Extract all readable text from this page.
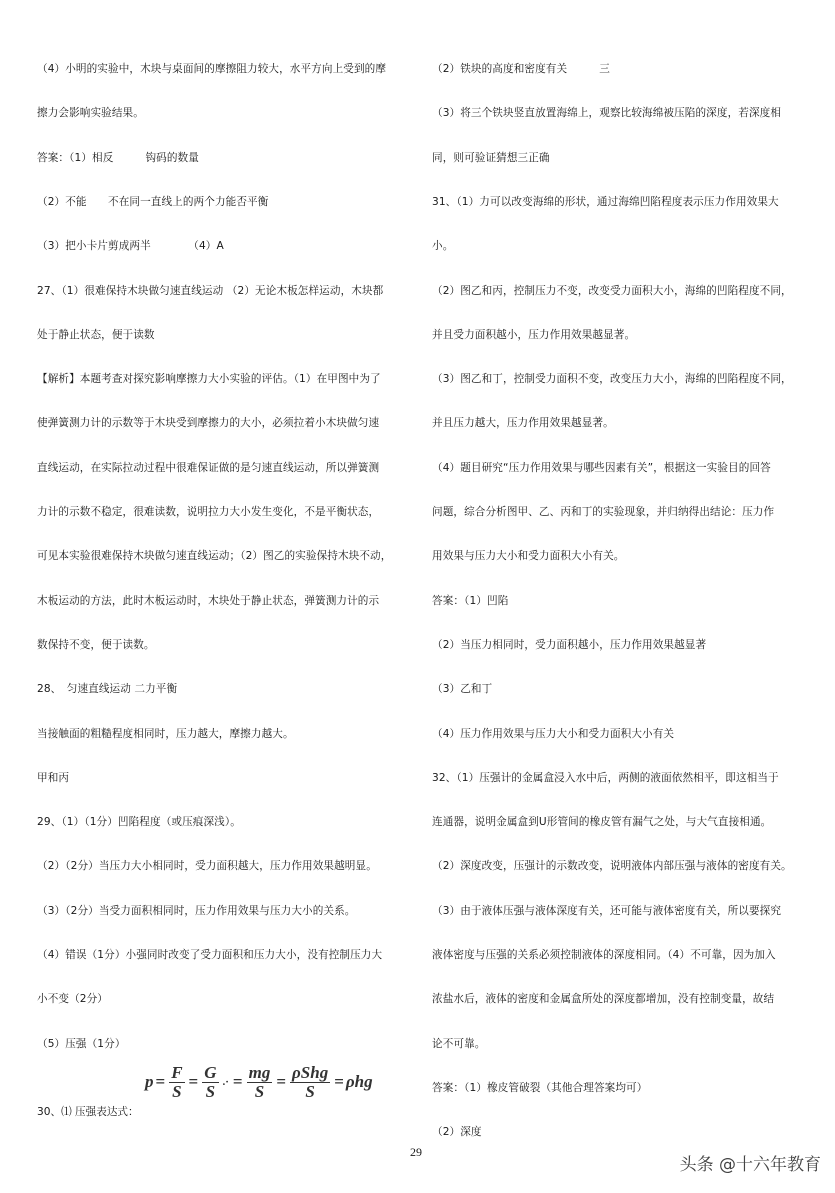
（4）小明的实验中，木块与桌面间的摩擦阻力较大，水平方向上受到的摩
擦力会影响实验结果。
答案：（1）相反　　　钩码的数量
（2）不能　　不在同一直线上的两个力能否平衡
（3）把小卡片剪成两半　　　　（4）A
27、（1）很难保持木块做匀速直线运动 （2）无论木板怎样运动，木块都
处于静止状态，便于读数
【解析】本题考查对探究影响摩擦力大小实验的评估。（1）在甲图中为了
使弹簧测力计的示数等于木块受到摩擦力的大小，必须拉着小木块做匀速
直线运动，在实际拉动过程中很难保证做的是匀速直线运动，所以弹簧测
力计的示数不稳定，很难读数，说明拉力大小发生变化，不是平衡状态，
可见本实验很难保持木块做匀速直线运动；（2）图乙的实验保持木块不动，
木板运动的方法，此时木板运动时，木块处于静止状态，弹簧测力计的示
数保持不变，便于读数。
28、　匀速直线运动 二力平衡
当接触面的粗糙程度相同时，压力越大，摩擦力越大。
甲和丙
29、（1）（1分）凹陷程度（或压痕深浅）。
（2）（2分）当压力大小相同时，受力面积越大，压力作用效果越明显。
（3）（2分）当受力面积相同时，压力作用效果与压力大小的关系。
（4）错误（1分）小强同时改变了受力面积和压力大小，没有控制压力大
小不变（2分）
（5）压强（1分）
30、⑴ 压强表达式：
$p = \frac{F}{S} = \frac{G}{S}$ .· = $\frac{mg}{S} = \frac{\text{ρShg}}{S} = \rho hg$
（2）铁块的高度和密度有关　　　三
（3）将三个铁块竖直放置海绵上，观察比较海绵被压陷的深度，若深度相
同，则可验证猜想三正确
31、（1）力可以改变海绵的形状，通过海绵凹陷程度表示压力作用效果大
小。
（2）图乙和丙，控制压力不变，改变受力面积大小，海绵的凹陷程度不同，
并且受力面积越小，压力作用效果越显著。
（3）图乙和丁，控制受力面积不变，改变压力大小，海绵的凹陷程度不同，
并且压力越大，压力作用效果越显著。
（4）题目研究“压力作用效果与哪些因素有关”，根据这一实验目的回答
问题，综合分析图甲、乙、丙和丁的实验现象，并归纳得出结论：压力作
用效果与压力大小和受力面积大小有关。
答案：（1）凹陷
（2）当压力相同时，受力面积越小，压力作用效果越显著
（3）乙和丁
（4）压力作用效果与压力大小和受力面积大小有关
32、（1）压强计的金属盒浸入水中后，两侧的液面依然相平，即这相当于
连通器，说明金属盒到U形管间的橡皮管有漏气之处，与大气直接相通。
（2）深度改变，压强计的示数改变，说明液体内部压强与液体的密度有关。
（3）由于液体压强与液体深度有关，还可能与液体密度有关，所以要探究
液体密度与压强的关系必须控制液体的深度相同。（4）不可靠，因为加入
浓盐水后，液体的密度和金属盒所处的深度都增加，没有控制变量，故结
论不可靠。
答案：（1）橡皮管破裂（其他合理答案均可）
（2）深度
29
头条 @十六年教育
